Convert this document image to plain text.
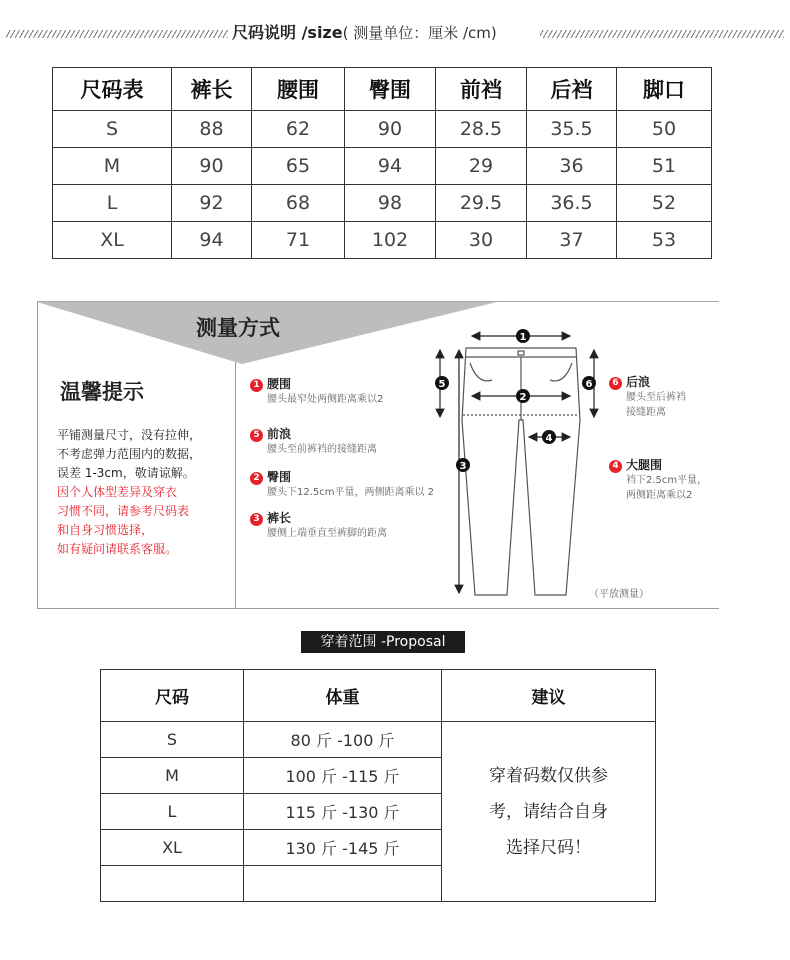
尺码说明 /size( 测量单位：厘米 /cm)
尺码表	裤长	腰围	臀围	前裆	后裆	脚口
S	88	62	90	28.5	35.5	50
M	90	65	94	29	36	51
L	92	68	98	29.5	36.5	52
XL	94	71	102	30	37	53
测量方式
温馨提示
平铺测量尺寸，没有拉伸，
不考虑弹力范围内的数据，
误差 1-3cm，敬请谅解。
因个人体型差异及穿衣
习惯不同，请参考尺码表
和自身习惯选择，
如有疑问请联系客服。
1 腰围
腰头最窄处两侧距离乘以2
5 前浪
腰头至前裤裆的接缝距离
2 臀围
腰头下12.5cm平量，两侧距离乘以 2
3 裤长
腰侧上端垂直至裤脚的距离
6 后浪
腰头至后裤裆
接缝距离
4 大腿围
裆下2.5cm平量，
两侧距离乘以2
1
2
3
4
5	6
（平放测量）
穿着范围 -Proposal
尺码	体重	建议
S	80 斤 -100 斤	穿着码数仅供参
考，请结合自身
选择尺码！

M	100 斤 -115 斤	
L	115 斤 -130 斤	
XL	130 斤 -145 斤	
